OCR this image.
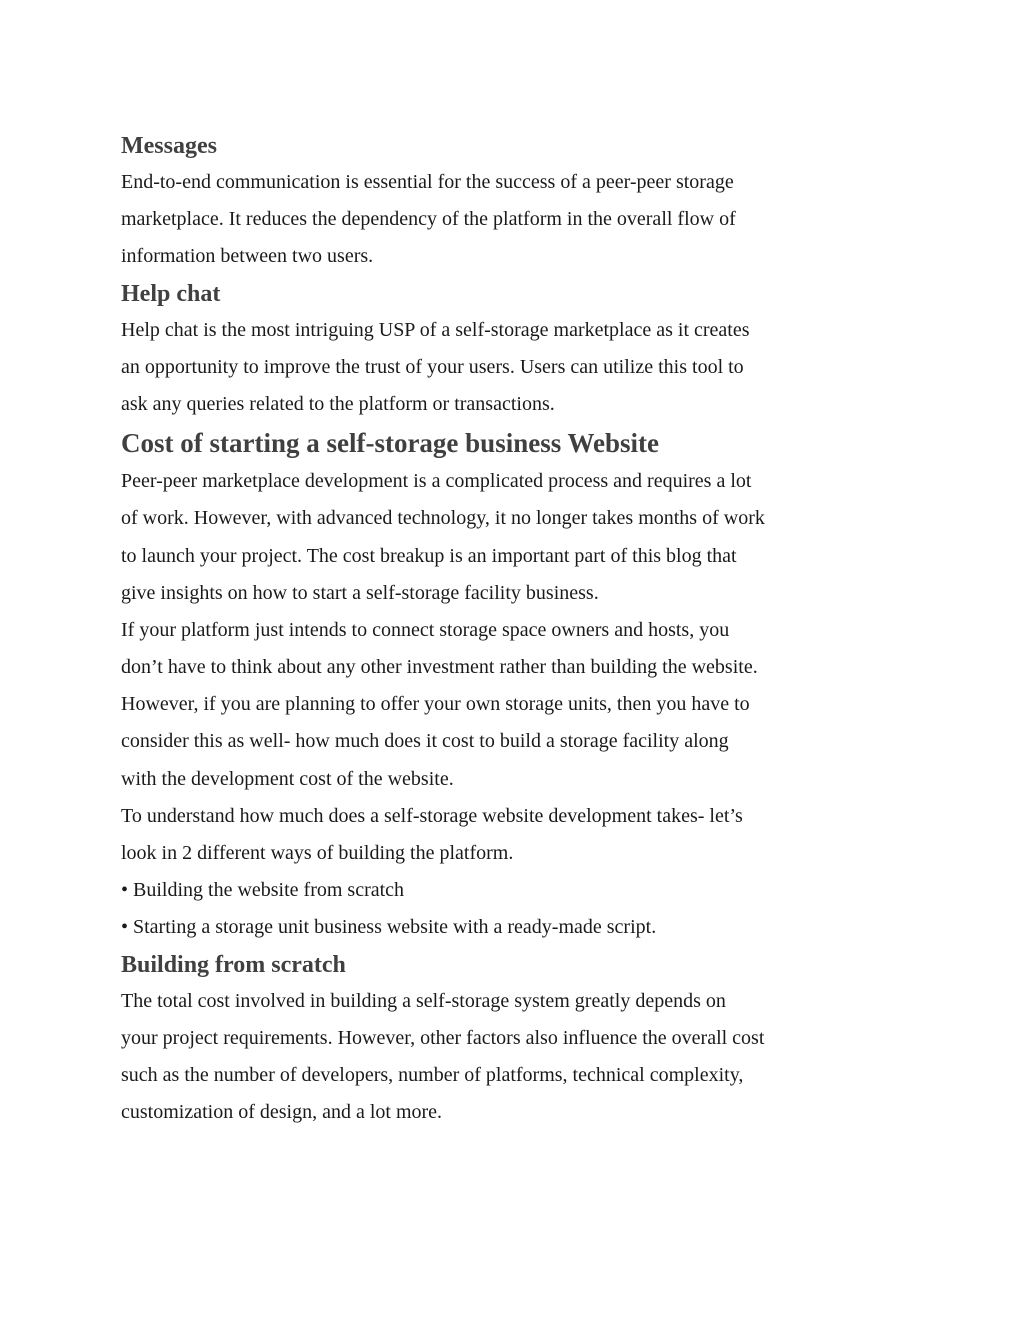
Messages
End-to-end communication is essential for the success of a peer-peer storage
marketplace. It reduces the dependency of the platform in the overall flow of
information between two users.
Help chat
Help chat is the most intriguing USP of a self-storage marketplace as it creates
an opportunity to improve the trust of your users. Users can utilize this tool to
ask any queries related to the platform or transactions.
Cost of starting a self-storage business Website
Peer-peer marketplace development is a complicated process and requires a lot
of work. However, with advanced technology, it no longer takes months of work
to launch your project. The cost breakup is an important part of this blog that
give insights on how to start a self-storage facility business.
If your platform just intends to connect storage space owners and hosts, you
don’t have to think about any other investment rather than building the website.
However, if you are planning to offer your own storage units, then you have to
consider this as well- how much does it cost to build a storage facility along
with the development cost of the website.
To understand how much does a self-storage website development takes- let’s
look in 2 different ways of building the platform.
• Building the website from scratch
• Starting a storage unit business website with a ready-made script.
Building from scratch
The total cost involved in building a self-storage system greatly depends on
your project requirements. However, other factors also influence the overall cost
such as the number of developers, number of platforms, technical complexity,
customization of design, and a lot more.
